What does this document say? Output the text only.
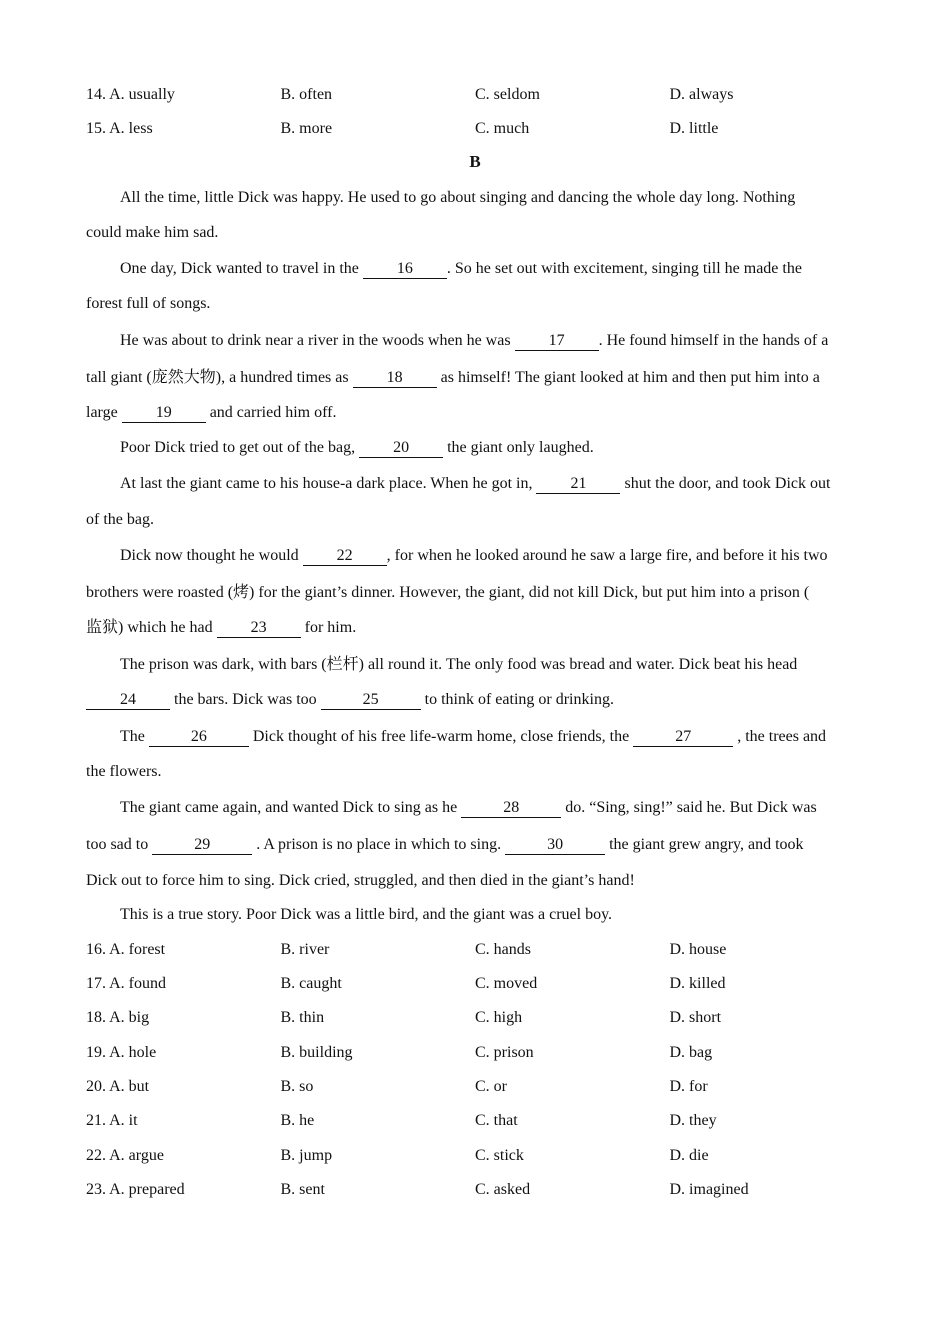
14. A. usually	B. often	C. seldom	D. always
15. A. less	B. more	C. much	D. little
B
All the time, little Dick was happy. He used to go about singing and dancing the whole day long. Nothing
could make him sad.
One day, Dick wanted to travel in the 16 . So he set out with excitement, singing till he made the
forest full of songs.
He was about to drink near a river in the woods when he was 17 . He found himself in the hands of a
tall giant (庞然大物), a hundred times as 18 as himself! The giant looked at him and then put him into a
large 19 and carried him off.
Poor Dick tried to get out of the bag, 20 the giant only laughed.
At last the giant came to his house-a dark place. When he got in, 21 shut the door, and took Dick out
of the bag.
Dick now thought he would 22 , for when he looked around he saw a large fire, and before it his two
brothers were roasted (烤) for the giant’s dinner. However, the giant, did not kill Dick, but put him into a prison (
监狱) which he had 23 for him.
The prison was dark, with bars (栏杆) all round it. The only food was bread and water. Dick beat his head
24 the bars. Dick was too	25	to think of eating or drinking.
The	26	Dick thought of his free life-warm home, close friends, the	27	, the trees and
the flowers.
The giant came again, and wanted Dick to sing as he	28	do. “Sing, sing!” said he. But Dick was
too sad to	29	. A prison is no place in which to sing.	30	the giant grew angry, and took
Dick out to force him to sing. Dick cried, struggled, and then died in the giant’s hand!
This is a true story. Poor Dick was a little bird, and the giant was a cruel boy.
16. A. forest	B. river	C. hands	D. house
17. A. found	B. caught	C. moved	D. killed
18. A. big	B. thin	C. high	D. short
19. A. hole	B. building	C. prison	D. bag
20. A. but	B. so	C. or	D. for
21. A. it	B. he	C. that	D. they
22. A. argue	B. jump	C. stick	D. die
23. A. prepared	B. sent	C. asked	D. imagined
